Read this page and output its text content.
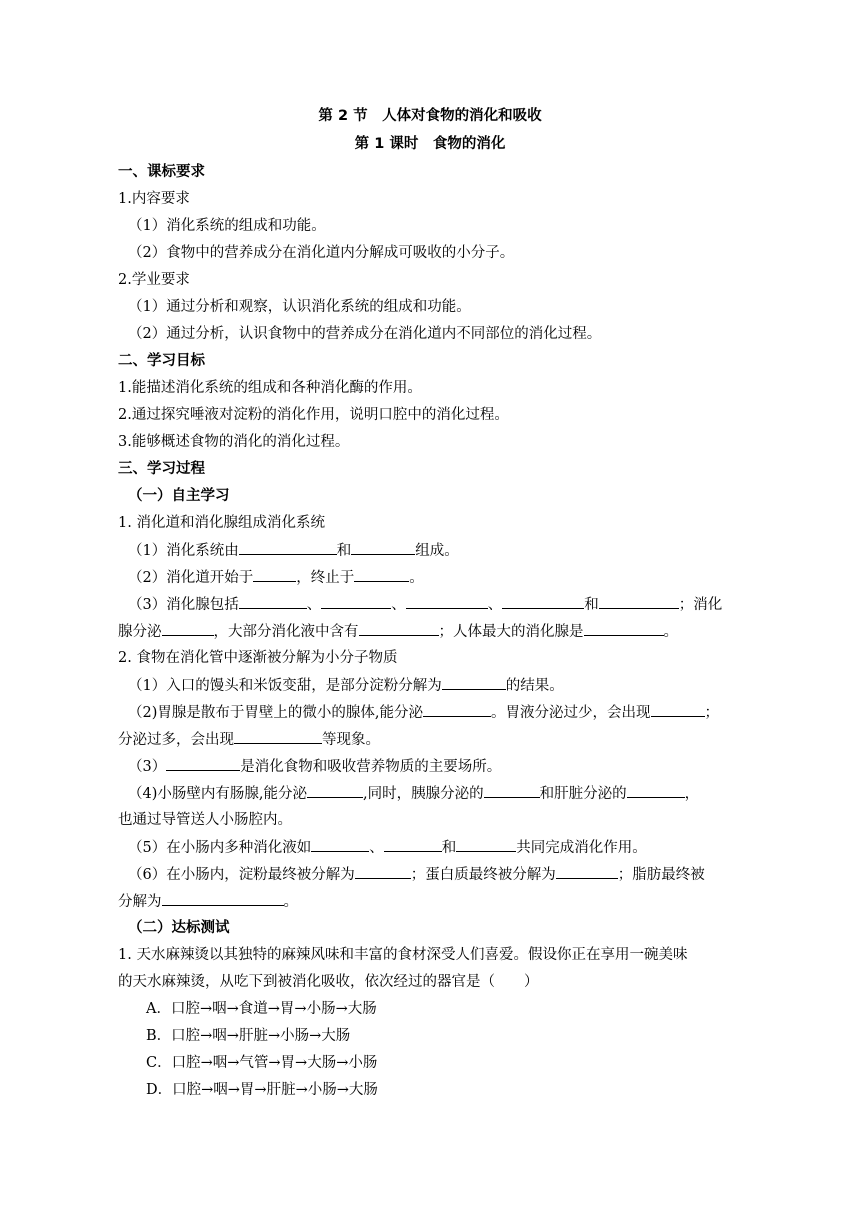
第 2 节　人体对食物的消化和吸收
第 1 课时　食物的消化
一、课标要求
1.内容要求
（1）消化系统的组成和功能。
（2）食物中的营养成分在消化道内分解成可吸收的小分子。
2.学业要求
（1）通过分析和观察，认识消化系统的组成和功能。
（2）通过分析，认识食物中的营养成分在消化道内不同部位的消化过程。
二、学习目标
1.能描述消化系统的组成和各种消化酶的作用。
2.通过探究唾液对淀粉的消化作用，说明口腔中的消化过程。
3.能够概述食物的消化的消化过程。
三、学习过程
（一）自主学习
1. 消化道和消化腺组成消化系统
（1）消化系统由	和	组成。
（2）消化道开始于	，终止于	。
（3）消化腺包括	、	、	、	和	；消化
腺分泌	，大部分消化液中含有	；人体最大的消化腺是	。
2. 食物在消化管中逐渐被分解为小分子物质
（1）入口的馒头和米饭变甜，是部分淀粉分解为	的结果。
（2)胃腺是散布于胃壁上的微小的腺体,能分泌	。胃液分泌过少，会出现	；
分泌过多，会出现	等现象。
（3）	是消化食物和吸收营养物质的主要场所。
（4)小肠壁内有肠腺,能分泌	,同时，胰腺分泌的	和肝脏分泌的	，
也通过导管送人小肠腔内。
（5）在小肠内多种消化液如	、	和	共同完成消化作用。
（6）在小肠内，淀粉最终被分解为	；蛋白质最终被分解为	；脂肪最终被
分解为	。
（二）达标测试
1. 天水麻辣烫以其独特的麻辣风味和丰富的食材深受人们喜爱。假设你正在享用一碗美味
的天水麻辣烫，从吃下到被消化吸收，依次经过的器官是（　　）
A．口腔→咽→食道→胃→小肠→大肠
B．口腔→咽→肝脏→小肠→大肠
C．口腔→咽→气管→胃→大肠→小肠
D．口腔→咽→胃→肝脏→小肠→大肠
